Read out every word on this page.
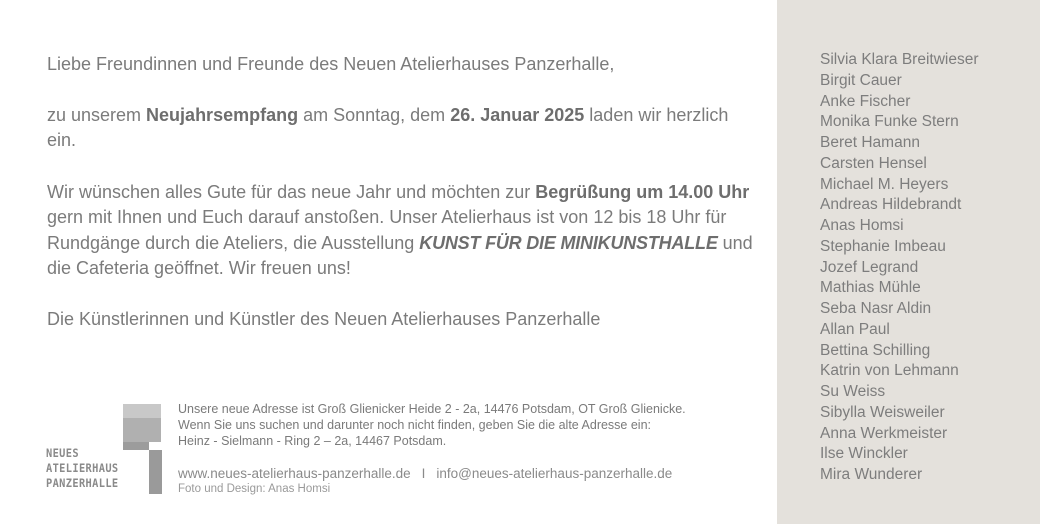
Liebe Freundinnen und Freunde des Neuen Atelierhauses Panzerhalle,

zu unserem Neujahrsempfang am Sonntag, dem 26. Januar 2025 laden wir herzlich ein.

Wir wünschen alles Gute für das neue Jahr und möchten zur Begrüßung um 14.00 Uhr gern mit Ihnen und Euch darauf anstoßen. Unser Atelierhaus ist von 12 bis 18 Uhr für Rundgänge durch die Ateliers, die Ausstellung KUNST FÜR DIE MINIKUNSTHALLE und die Cafeteria geöffnet. Wir freuen uns!

Die Künstlerinnen und Künstler des Neuen Atelierhauses Panzerhalle

Silvia Klara Breitwieser
Birgit Cauer
Anke Fischer
Monika Funke Stern
Beret Hamann
Carsten Hensel
Michael M. Heyers
Andreas Hildebrandt
Anas Homsi
Stephanie Imbeau
Jozef Legrand
Mathias Mühle
Seba Nasr Aldin
Allan Paul
Bettina Schilling
Katrin von Lehmann
Su Weiss
Sibylla Weisweiler
Anna Werkmeister
Ilse Winckler
Mira Wunderer
NEUES
ATELIERHAUS
PANZERHALLE

Unsere neue Adresse ist Groß Glienicker Heide 2 - 2a, 14476 Potsdam, OT Groß Glienicke.

Wenn Sie uns suchen und darunter noch nicht finden, geben Sie die alte Adresse ein:

Heinz - Sielmann - Ring 2 – 2a, 14467 Potsdam.

www.neues-atelierhaus-panzerhalle.de I info@neues-atelierhaus-panzerhalle.de
Foto und Design: Anas Homsi
